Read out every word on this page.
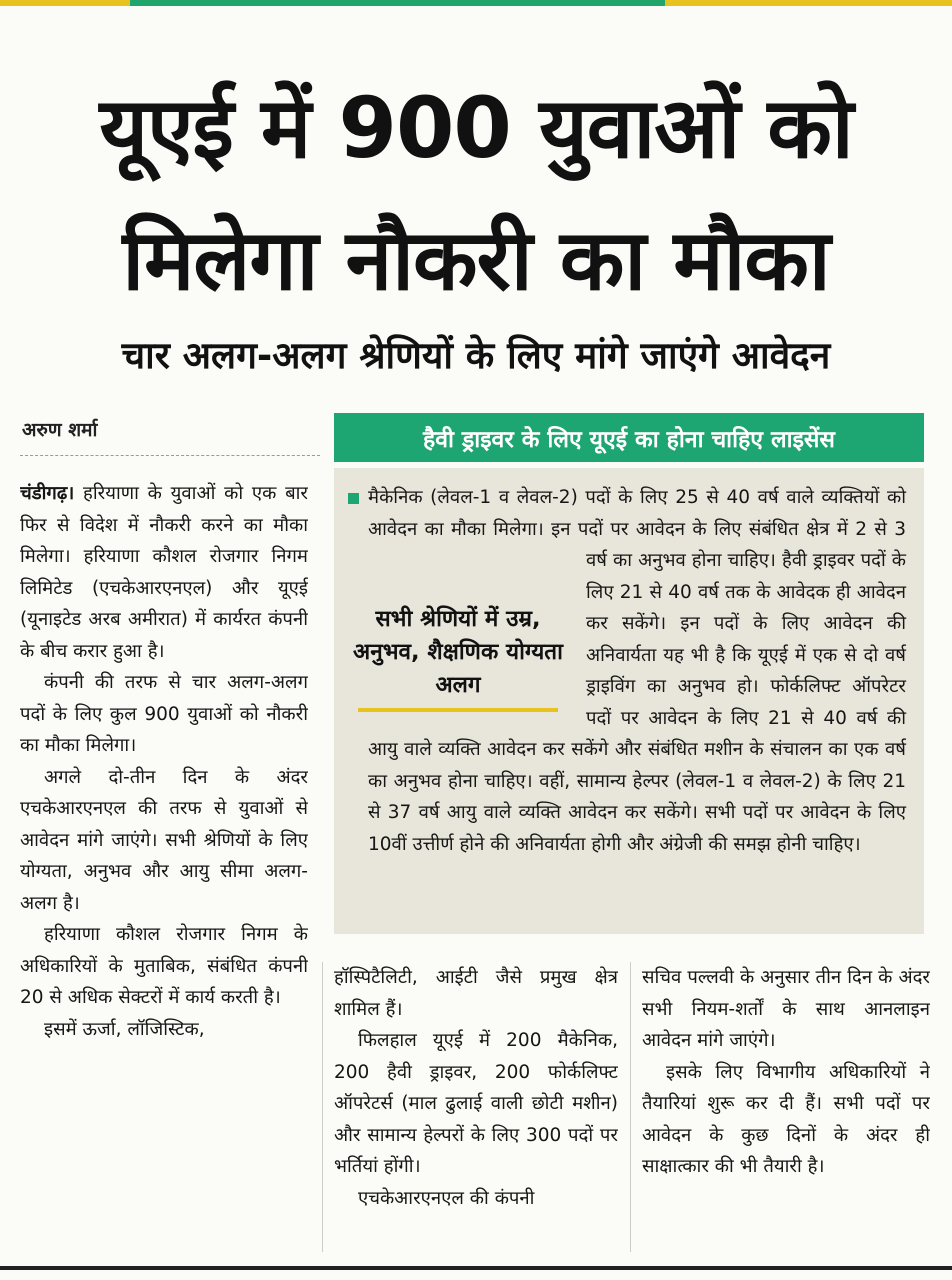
यूएई में 900 युवाओं को
मिलेगा नौकरी का मौका
चार अलग-अलग श्रेणियों के लिए मांगे जाएंगे आवेदन
अरुण शर्मा

चंडीगढ़। हरियाणा के युवाओं को एक बार फिर से विदेश में नौकरी करने का मौका मिलेगा। हरियाणा कौशल रोजगार निगम लिमिटेड (एचकेआरएनएल) और यूएई (यूनाइटेड अरब अमीरात) में कार्यरत कंपनी के बीच करार हुआ है।

कंपनी की तरफ से चार अलग-अलग पदों के लिए कुल 900 युवाओं को नौकरी का मौका मिलेगा।

अगले दो-तीन दिन के अंदर एचकेआरएनएल की तरफ से युवाओं से आवेदन मांगे जाएंगे। सभी श्रेणियों के लिए योग्यता, अनुभव और आयु सीमा अलग-अलग है।

हरियाणा कौशल रोजगार निगम के अधिकारियों के मुताबिक, संबंधित कंपनी 20 से अधिक सेक्टरों में कार्य करती है।

इसमें ऊर्जा, लॉजिस्टिक,

हैवी ड्राइवर के लिए यूएई का होना चाहिए लाइसेंस
मैकेनिक (लेवल-1 व लेवल-2) पदों के लिए 25 से 40 वर्ष वाले व्यक्तियों को आवेदन का मौका मिलेगा। इन पदों पर आवेदन के लिए संबंधित क्षेत्र में 2 से 3 वर्ष का अनुभव होना
सभी श्रेणियों में उम्र, अनुभव, शैक्षणिक योग्यता अलग
चाहिए। हैवी ड्राइवर पदों के लिए 21 से 40 वर्ष तक के आवेदक ही आवेदन कर सकेंगे। इन पदों के लिए आवेदन की अनिवार्यता यह भी है कि यूएई में एक से दो वर्ष ड्राइविंग का अनुभव हो। फोर्कलिफ्ट ऑपरेटर पदों पर आवेदन के लिए 21 से 40 वर्ष की आयु वाले व्यक्ति आवेदन कर सकेंगे और संबंधित मशीन के संचालन का एक वर्ष का अनुभव होना चाहिए। वहीं, सामान्य हेल्पर (लेवल-1 व लेवल-2) के लिए 21 से 37 वर्ष आयु वाले व्यक्ति आवेदन कर सकेंगे। सभी पदों पर आवेदन के लिए 10वीं उत्तीर्ण होने की अनिवार्यता होगी और अंग्रेजी की समझ होनी चाहिए।

हॉस्पिटैलिटी, आईटी जैसे प्रमुख क्षेत्र शामिल हैं।

फिलहाल यूएई में 200 मैकेनिक, 200 हैवी ड्राइवर, 200 फोर्कलिफ्ट ऑपरेटर्स (माल ढुलाई वाली छोटी मशीन) और सामान्य हेल्परों के लिए 300 पदों पर भर्तियां होंगी।

एचकेआरएनएल की कंपनी

सचिव पल्लवी के अनुसार तीन दिन के अंदर सभी नियम-शर्तों के साथ आनलाइन आवेदन मांगे जाएंगे।

इसके लिए विभागीय अधिकारियों ने तैयारियां शुरू कर दी हैं। सभी पदों पर आवेदन के कुछ दिनों के अंदर ही साक्षात्कार की भी तैयारी है।
